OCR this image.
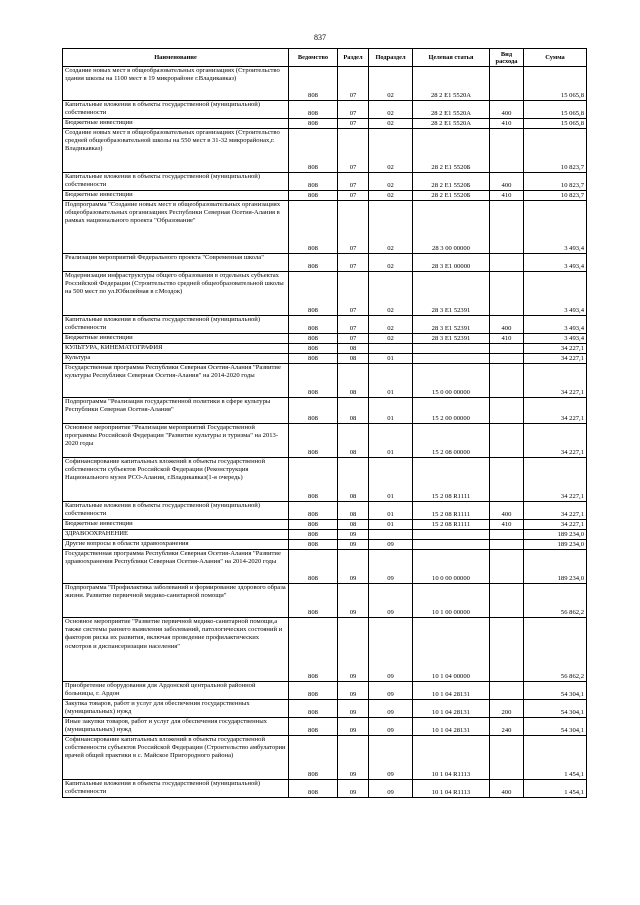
837
Наименование	Ведомство	Раздел	Подраздел	Целевая статья	Вид расхода	Сумма
Создание новых мест в общеобразовательных организациях (Строительство здания школы на 1100 мест в 19 микрорайоне г.Владикавказ)	808	07	02	28 2 E1 5520А		15 065,8
Капитальные вложения в объекты государственной (муниципальной) собственности	808	07	02	28 2 E1 5520А	400	15 065,8
Бюджетные инвестиции	808	07	02	28 2 E1 5520А	410	15 065,8
Создание новых мест в общеобразовательных организациях (Строительство средней общеобразовательной школы на 550 мест в 31-32 микрорайонах,г. Владикавказ)	808	07	02	28 2 E1 5520Б		10 823,7
Капитальные вложения в объекты государственной (муниципальной) собственности	808	07	02	28 2 E1 5520Б	400	10 823,7
Бюджетные инвестиции	808	07	02	28 2 E1 5520Б	410	10 823,7
Подпрограмма "Создание новых мест в общеобразовательных организациях общеобразовательных организациях Республики Северная Осетия-Алания в рамках национального проекта "Образование"	808	07	02	28 3 00 00000		3 493,4
Реализация мероприятий Федерального проекта "Современная школа"	808	07	02	28 3 E1 00000		3 493,4
Модернизация инфраструктуры общего образования в отдельных субъектах Российской Федерации (Строительство средней общеобразовательной школы на 500 мест по ул.Юбилейная в г.Моздок)	808	07	02	28 3 E1 52391		3 493,4
Капитальные вложения в объекты государственной (муниципальной) собственности	808	07	02	28 3 E1 52391	400	3 493,4
Бюджетные инвестиции	808	07	02	28 3 E1 52391	410	3 493,4
КУЛЬТУРА, КИНЕМАТОГРАФИЯ	808	08				34 227,1
Культура	808	08	01			34 227,1
Государственная программа Республики Северная Осетия-Алания "Развитие культуры Республики Северная Осетия-Алания" на 2014-2020 годы	808	08	01	15 0 00 00000		34 227,1
Подпрограмма "Реализация государственной политики в сфере культуры Республики Северная Осетия-Алания"	808	08	01	15 2 00 00000		34 227,1
Основное мероприятие "Реализация мероприятий Государственной программы Российской Федерации "Развитие культуры и туризма" на 2013-2020 годы	808	08	01	15 2 08 00000		34 227,1
Софинансирование капитальных вложений в объекты государственной собственности субъектов Российской Федерации (Реконструкция Национального музея РСО-Алания, г.Владикавказ(1-я очередь)	808	08	01	15 2 08 R1111		34 227,1
Капитальные вложения в объекты государственной (муниципальной) собственности	808	08	01	15 2 08 R1111	400	34 227,1
Бюджетные инвестиции	808	08	01	15 2 08 R1111	410	34 227,1
ЗДРАВООХРАНЕНИЕ	808	09				189 234,0
Другие вопросы в области здравоохранения	808	09	09			189 234,0
Государственная программа Республики Северная Осетия-Алания "Развитие здравоохранения Республики Северная Осетия-Алания" на 2014-2020 годы	808	09	09	10 0 00 00000		189 234,0
Подпрограмма "Профилактика заболеваний и формирование здорового образа жизни. Развитие первичной медико-санитарной помощи"	808	09	09	10 1 00 00000		56 862,2
Основное мероприятие "Развитие первичной медико-санитарной помощи,а также системы раннего выявления заболеваний, патологических состояний и факторов риска их развития, включая проведение профилактических осмотров и диспансеризации населения"	808	09	09	10 1 04 00000		56 862,2
Приобретение оборудования для Ардонской центральной районной больницы, г. Ардон	808	09	09	10 1 04 28131		54 304,1
Закупка товаров, работ и услуг для обеспечения государственных (муниципальных) нужд	808	09	09	10 1 04 28131	200	54 304,1
Иные закупки товаров, работ и услуг для обеспечения государственных (муниципальных) нужд	808	09	09	10 1 04 28131	240	54 304,1
Софинансирование капитальных вложений в объекты государственной собственности субъектов Российской Федерации (Строительство амбулатории врачей общей практики в с. Майское Пригородного района)	808	09	09	10 1 04 R1113		1 454,1
Капитальные вложения в объекты государственной (муниципальной) собственности	808	09	09	10 1 04 R1113	400	1 454,1
